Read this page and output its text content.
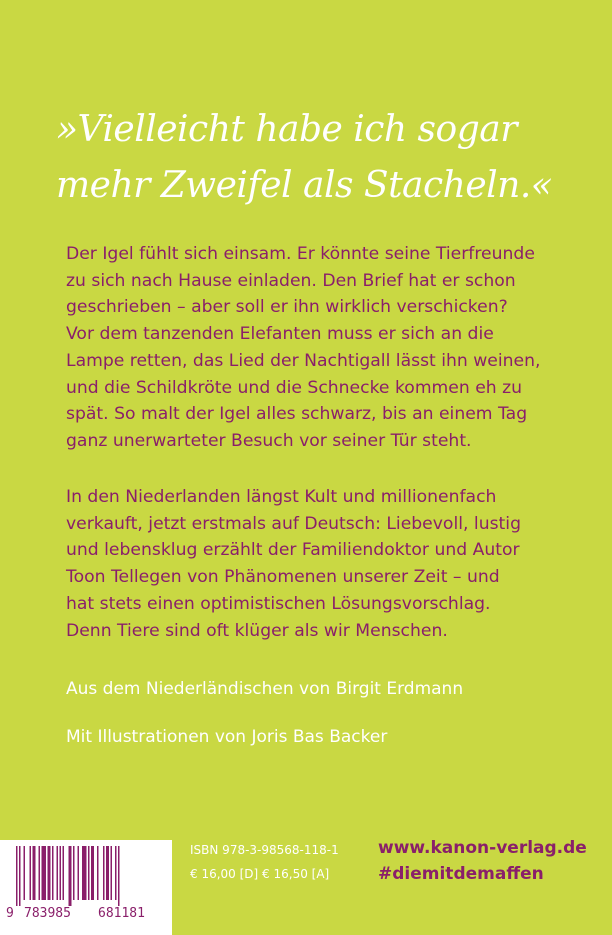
»Vielleicht habe ich sogar
mehr Zweifel als Stacheln.«

Der Igel fühlt sich einsam. Er könnte seine Tierfreunde
zu sich nach Hause einladen. Den Brief hat er schon
geschrieben – aber soll er ihn wirklich verschicken?
Vor dem tanzenden Elefanten muss er sich an die
Lampe retten, das Lied der Nachtigall lässt ihn weinen,
und die Schildkröte und die Schnecke kommen eh zu
spät. So malt der Igel alles schwarz, bis an einem Tag
ganz unerwarteter Besuch vor seiner Tür steht.

In den Niederlanden längst Kult und millionenfach
verkauft, jetzt erstmals auf Deutsch: Liebevoll, lustig
und lebensklug erzählt der Familiendoktor und Autor
Toon Tellegen von Phänomenen unserer Zeit – und
hat stets einen optimistischen Lösungsvorschlag.
Denn Tiere sind oft klüger als wir Menschen.

Aus dem Niederländischen von Birgit Erdmann

Mit Illustrationen von Joris Bas Backer

9 783985 681181

ISBN 978-3-98568-118-1

€ 16,00 [D] € 16,50 [A]

www.kanon-verlag.de

#diemitdemaffen
